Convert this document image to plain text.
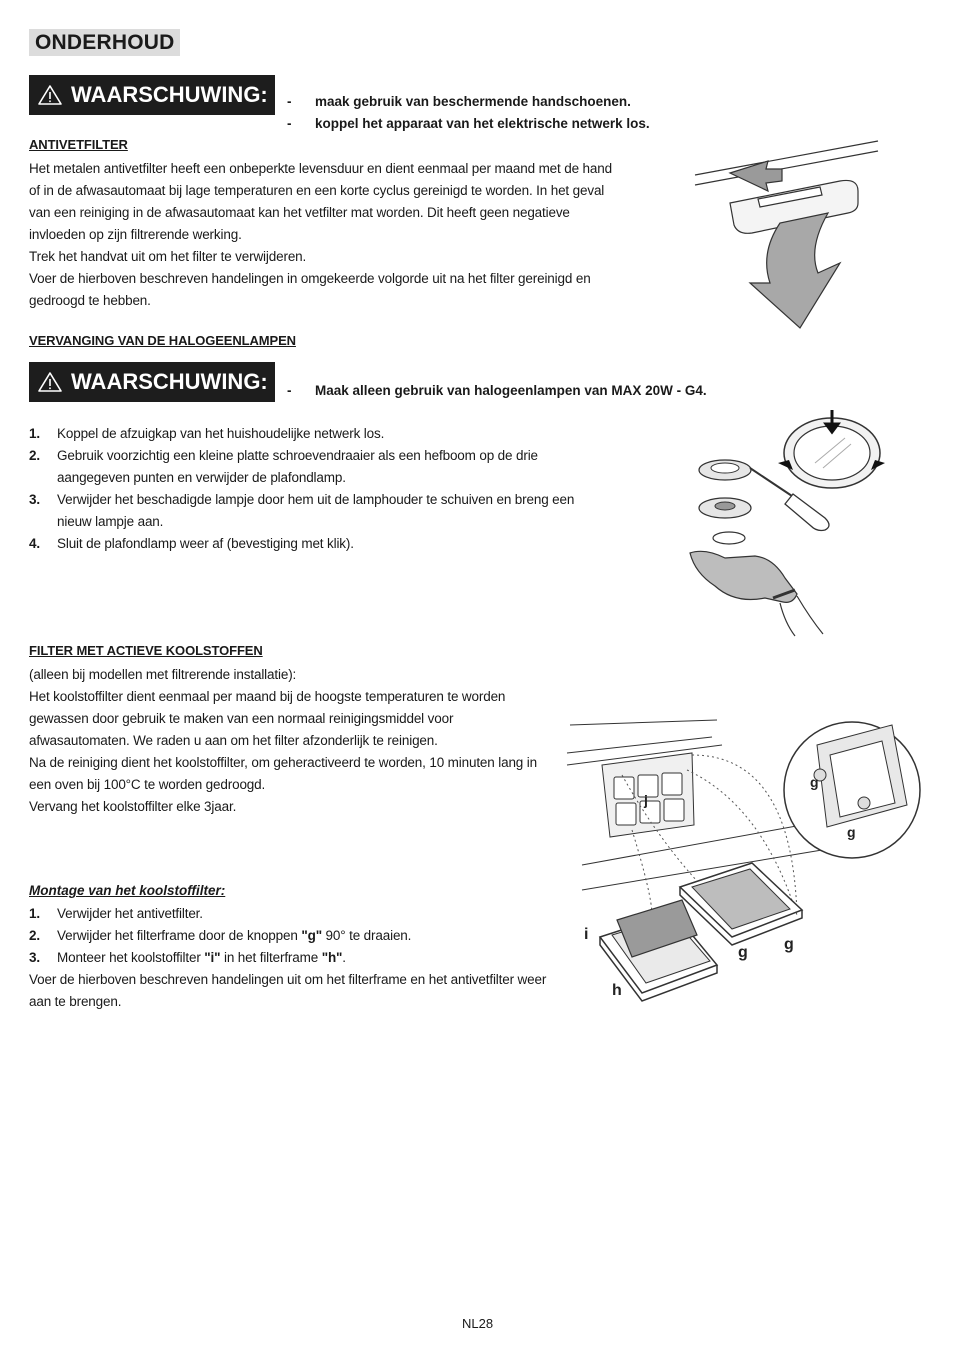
ONDERHOUD
WAARSCHUWING: -	maak gebruik van beschermende handschoenen.
-	koppel het apparaat van het elektrische netwerk los.
ANTIVETFILTER

Het metalen antivetfilter heeft een onbeperkte levensduur en dient eenmaal per maand met de hand of in de afwasautomaat bij lage temperaturen en een korte cyclus gereinigd te worden. In het geval van een reiniging in de afwasautomaat kan het vetfilter mat worden. Dit heeft geen negatieve invloeden op zijn filtrerende werking.

Trek het handvat uit om het filter te verwijderen.

Voer de hierboven beschreven handelingen in omgekeerde volgorde uit na het filter gereinigd en gedroogd te hebben.

VERVANGING VAN DE HALOGEENLAMPEN
WAARSCHUWING: -	Maak alleen gebruik van halogeenlampen van MAX 20W - G4.
1.	Koppel de afzuigkap van het huishoudelijke netwerk los.
2.	Gebruik voorzichtig een kleine platte schroevendraaier als een hefboom op de drie aangegeven punten en verwijder de plafondlamp.
3.	Verwijder het beschadigde lampje door hem uit de lamphouder te schuiven en breng een nieuw lampje aan.
4.	Sluit de plafondlamp weer af (bevestiging met klik).
FILTER MET ACTIEVE KOOLSTOFFEN

(alleen bij modellen met filtrerende installatie):

Het koolstoffilter dient eenmaal per maand bij de hoogste temperaturen te worden gewassen door gebruik te maken van een normaal reinigingsmiddel voor afwasautomaten. We raden u aan om het filter afzonderlijk te reinigen.

Na de reiniging dient het koolstoffilter, om geheractiveerd te worden, 10 minuten lang in een oven bij 100°C te worden gedroogd.

Vervang het koolstoffilter elke 3jaar.

Montage van het koolstoffilter:
1.	Verwijder het antivetfilter.
2.	Verwijder het filterframe door de knoppen "g" 90° te draaien.
3.	Monteer het koolstoffilter "i" in het filterframe "h".
Voer de hierboven beschreven handelingen uit om het filterframe en het antivetfilter weer aan te brengen.
j
i
h
g g
g
g
NL28
